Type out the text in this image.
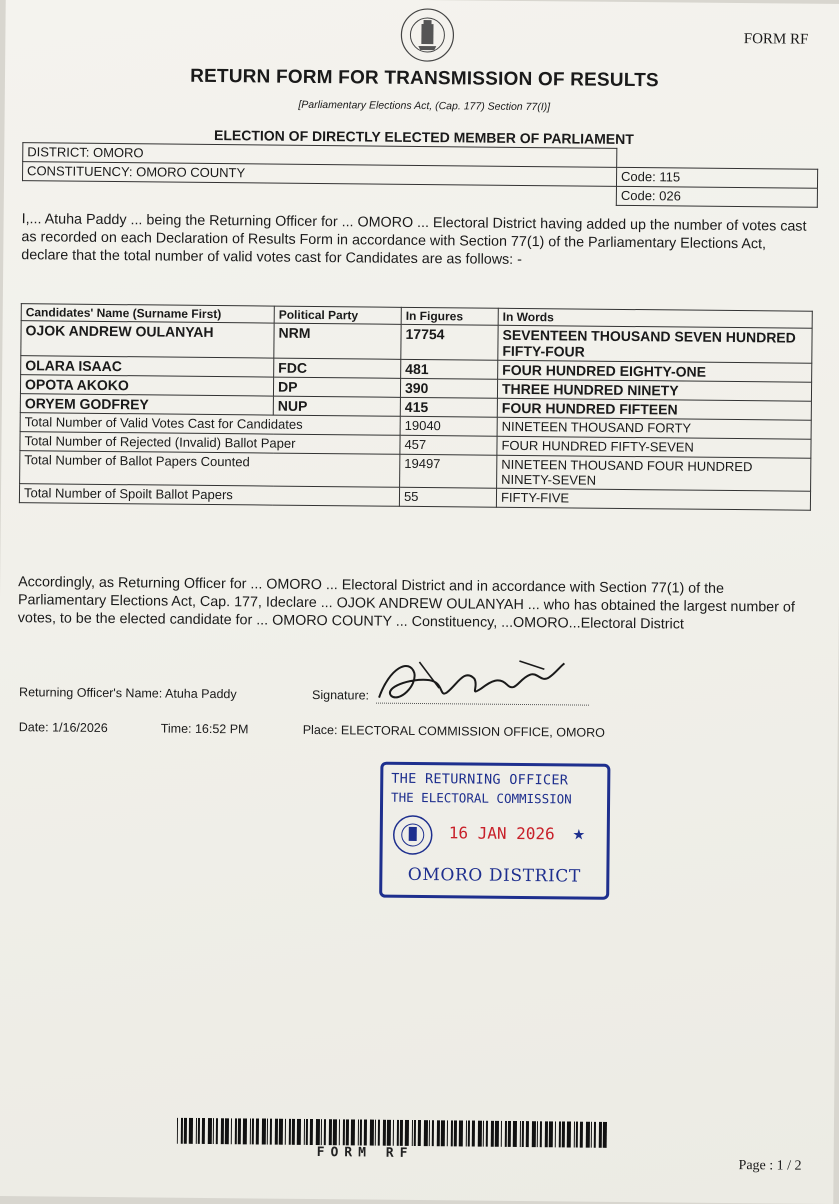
FORM RF
RETURN FORM FOR TRANSMISSION OF RESULTS
[Parliamentary Elections Act, (Cap. 177) Section 77(I)]
ELECTION OF DIRECTLY ELECTED MEMBER OF PARLIAMENT
DISTRICT: OMORO	
CONSTITUENCY: OMORO COUNTY	Code: 115
	Code: 026
I,... Atuha Paddy ... being the Returning Officer for ... OMORO ... Electoral District having added up the number of votes cast as recorded on each Declaration of Results Form in accordance with Section 77(1) of the Parliamentary Elections Act, declare that the total number of valid votes cast for Candidates are as follows: -
Candidates' Name (Surname First)	Political Party	In Figures	In Words
OJOK ANDREW OULANYAH	NRM	17754	SEVENTEEN THOUSAND SEVEN HUNDRED FIFTY-FOUR
OLARA ISAAC	FDC	481	FOUR HUNDRED EIGHTY-ONE
OPOTA AKOKO	DP	390	THREE HUNDRED NINETY
ORYEM GODFREY	NUP	415	FOUR HUNDRED FIFTEEN
Total Number of Valid Votes Cast for Candidates		19040	NINETEEN THOUSAND FORTY
Total Number of Rejected (Invalid) Ballot Paper		457	FOUR HUNDRED FIFTY-SEVEN
Total Number of Ballot Papers Counted		19497	NINETEEN THOUSAND FOUR HUNDRED NINETY-SEVEN
Total Number of Spoilt Ballot Papers		55	FIFTY-FIVE
Accordingly, as Returning Officer for ... OMORO ... Electoral District and in accordance with Section 77(1) of the Parliamentary Elections Act, Cap. 177, Ideclare ... OJOK ANDREW OULANYAH ... who has obtained the largest number of votes, to be the elected candidate for ... OMORO COUNTY ... Constituency, ...OMORO...Electoral District
Returning Officer's Name: Atuha Paddy	Signature:
Date: 1/16/2026	Time: 16:52 PM	Place: ELECTORAL COMMISSION OFFICE, OMORO
THE RETURNING OFFICER
THE ELECTORAL COMMISSION
16 JAN 2026 ★
OMORO DISTRICT
FORM RF
Page : 1 / 2
